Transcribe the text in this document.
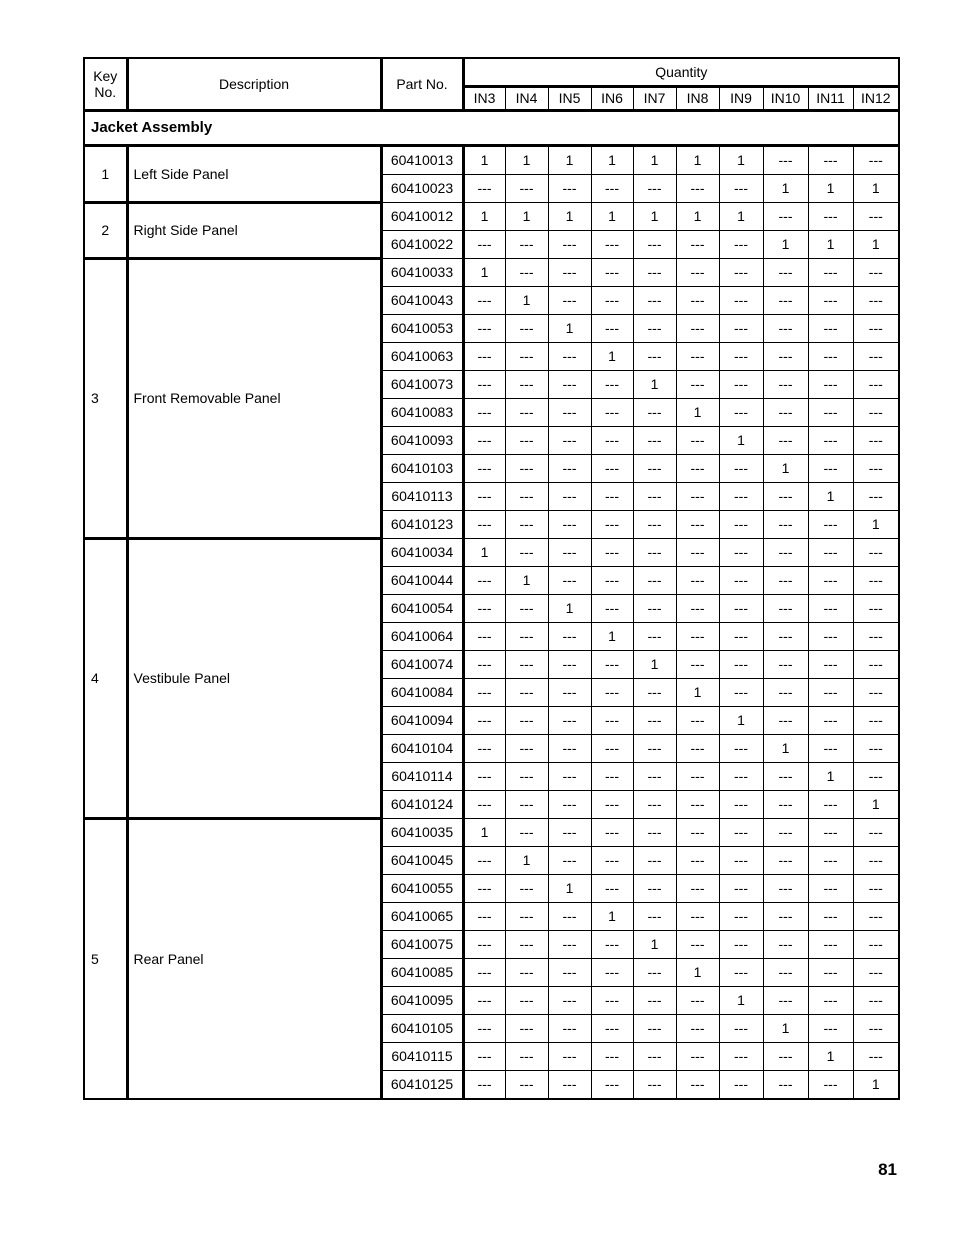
Key No.	Description	Part No.	Quantity									
			IN3	IN4	IN5	IN6	IN7	IN8	IN9	IN10	IN11	IN12
Jacket Assembly												
1	Left Side Panel	60410013	1	1	1	1	1	1	1	---	---	---
		60410023	---	---	---	---	---	---	---	1	1	1
2	Right Side Panel	60410012	1	1	1	1	1	1	1	---	---	---
		60410022	---	---	---	---	---	---	---	1	1	1
3	Front Removable Panel	60410033	1	---	---	---	---	---	---	---	---	---
		60410043	---	1	---	---	---	---	---	---	---	---
		60410053	---	---	1	---	---	---	---	---	---	---
		60410063	---	---	---	1	---	---	---	---	---	---
		60410073	---	---	---	---	1	---	---	---	---	---
		60410083	---	---	---	---	---	1	---	---	---	---
		60410093	---	---	---	---	---	---	1	---	---	---
		60410103	---	---	---	---	---	---	---	1	---	---
		60410113	---	---	---	---	---	---	---	---	1	---
		60410123	---	---	---	---	---	---	---	---	---	1
4	Vestibule Panel	60410034	1	---	---	---	---	---	---	---	---	---
		60410044	---	1	---	---	---	---	---	---	---	---
		60410054	---	---	1	---	---	---	---	---	---	---
		60410064	---	---	---	1	---	---	---	---	---	---
		60410074	---	---	---	---	1	---	---	---	---	---
		60410084	---	---	---	---	---	1	---	---	---	---
		60410094	---	---	---	---	---	---	1	---	---	---
		60410104	---	---	---	---	---	---	---	1	---	---
		60410114	---	---	---	---	---	---	---	---	1	---
		60410124	---	---	---	---	---	---	---	---	---	1
5	Rear Panel	60410035	1	---	---	---	---	---	---	---	---	---
		60410045	---	1	---	---	---	---	---	---	---	---
		60410055	---	---	1	---	---	---	---	---	---	---
		60410065	---	---	---	1	---	---	---	---	---	---
		60410075	---	---	---	---	1	---	---	---	---	---
		60410085	---	---	---	---	---	1	---	---	---	---
		60410095	---	---	---	---	---	---	1	---	---	---
		60410105	---	---	---	---	---	---	---	1	---	---
		60410115	---	---	---	---	---	---	---	---	1	---
		60410125	---	---	---	---	---	---	---	---	---	1
81
